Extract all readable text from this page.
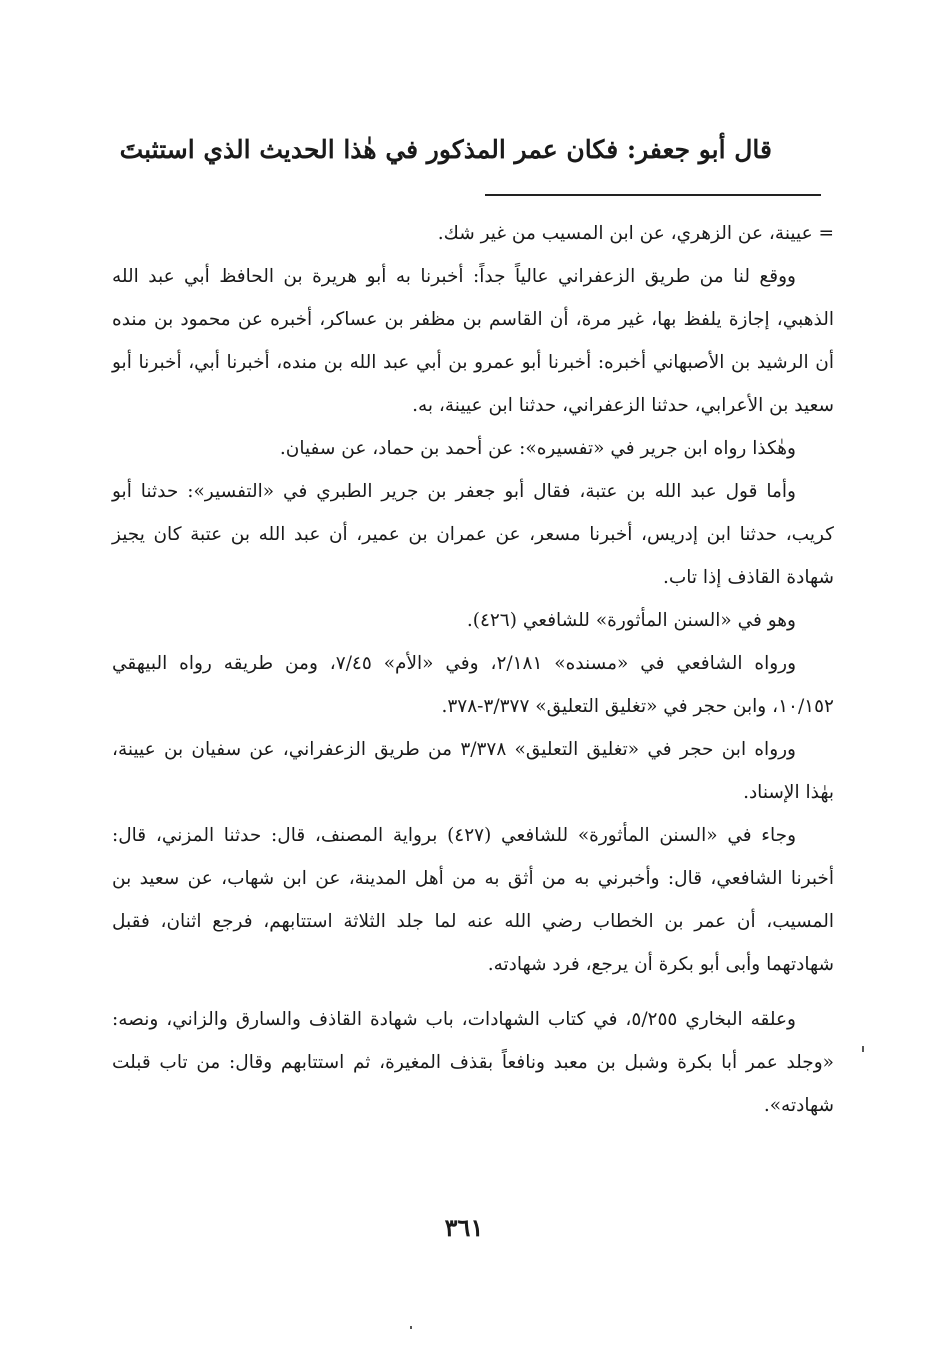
قال أبو جعفر: فكان عمر المذكور في هٰذا الحديث الذي استثبتَ

= عيينة، عن الزهري، عن ابن المسيب من غير شك.

ووقع لنا من طريق الزعفراني عالياً جداً: أخبرنا به أبو هريرة بن الحافظ أبي عبد الله الذهبي، إجازة يلفظ بها، غير مرة، أن القاسم بن مظفر بن عساكر، أخبره عن محمود بن منده أن الرشيد بن الأصبهاني أخبره: أخبرنا أبو عمرو بن أبي عبد الله بن منده، أخبرنا أبي، أخبرنا أبو سعيد بن الأعرابي، حدثنا الزعفراني، حدثنا ابن عيينة، به.

وهٰكذا رواه ابن جرير في «تفسيره»: عن أحمد بن حماد، عن سفيان.

وأما قول عبد الله بن عتبة، فقال أبو جعفر بن جرير الطبري في «التفسير»: حدثنا أبو كريب، حدثنا ابن إدريس، أخبرنا مسعر، عن عمران بن عمير، أن عبد الله بن عتبة كان يجيز شهادة القاذف إذا تاب.

وهو في «السنن المأثورة» للشافعي (٤٢٦).

ورواه الشافعي في «مسنده» ٢/١٨١، وفي «الأم» ٧/٤٥، ومن طريقه رواه البيهقي ١٠/١٥٢، وابن حجر في «تغليق التعليق» ٣/٣٧٧-٣٧٨.

ورواه ابن حجر في «تغليق التعليق» ٣/٣٧٨ من طريق الزعفراني، عن سفيان بن عيينة، بهٰذا الإسناد.

وجاء في «السنن المأثورة» للشافعي (٤٢٧) برواية المصنف، قال: حدثنا المزني، قال: أخبرنا الشافعي، قال: وأخبرني به من أثق به من أهل المدينة، عن ابن شهاب، عن سعيد بن المسيب، أن عمر بن الخطاب رضي الله عنه لما جلد الثلاثة استتابهم، فرجع اثنان، فقبل شهادتهما وأبى أبو بكرة أن يرجع، فرد شهادته.

وعلقه البخاري ٥/٢٥٥، في كتاب الشهادات، باب شهادة القاذف والسارق والزاني، ونصه: «وجلد عمر أبا بكرة وشبل بن معبد ونافعاً بقذف المغيرة، ثم استتابهم وقال: من تاب قبلت شهادته».

٣٦١
